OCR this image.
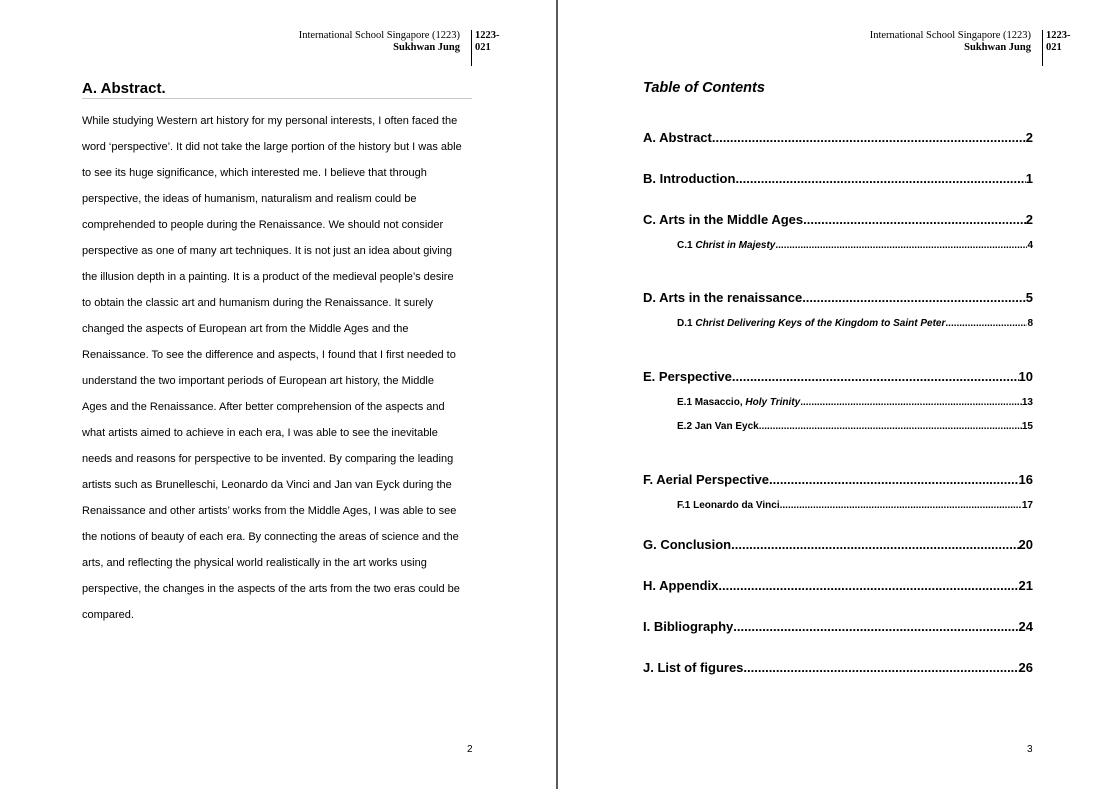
International School Singapore (1223)
Sukhwan Jung
1223-
021
A. Abstract.
While studying Western art history for my personal interests, I often faced the
word ‘perspective’. It did not take the large portion of the history but I was able
to see its huge significance, which interested me. I believe that through
perspective, the ideas of humanism, naturalism and realism could be
comprehended to people during the Renaissance. We should not consider
perspective as one of many art techniques. It is not just an idea about giving
the illusion depth in a painting. It is a product of the medieval people’s desire
to obtain the classic art and humanism during the Renaissance. It surely
changed the aspects of European art from the Middle Ages and the
Renaissance. To see the difference and aspects, I found that I first needed to
understand the two important periods of European art history, the Middle
Ages and the Renaissance. After better comprehension of the aspects and
what artists aimed to achieve in each era, I was able to see the inevitable
needs and reasons for perspective to be invented. By comparing the leading
artists such as Brunelleschi, Leonardo da Vinci and Jan van Eyck during the
Renaissance and other artists’ works from the Middle Ages, I was able to see
the notions of beauty of each era. By connecting the areas of science and the
arts, and reflecting the physical world realistically in the art works using
perspective, the changes in the aspects of the arts from the two eras could be
compared.
2
International School Singapore (1223)
Sukhwan Jung
1223-
021
Table of Contents
A. Abstract .....	2
B. Introduction .....	1
C. Arts in the Middle Ages .....	2
C.1 Christ in Majesty .....	4
D. Arts in the renaissance .....	5
D.1 Christ Delivering Keys of the Kingdom to Saint Peter .....	8
E. Perspective .....	10
E.1 Masaccio, Holy Trinity .....	13
E.2 Jan Van Eyck .....	15
F. Aerial Perspective .....	16
F.1 Leonardo da Vinci .....	17
G. Conclusion .....	20
H. Appendix .....	21
I. Bibliography .....	24
J. List of figures .....	26
3
